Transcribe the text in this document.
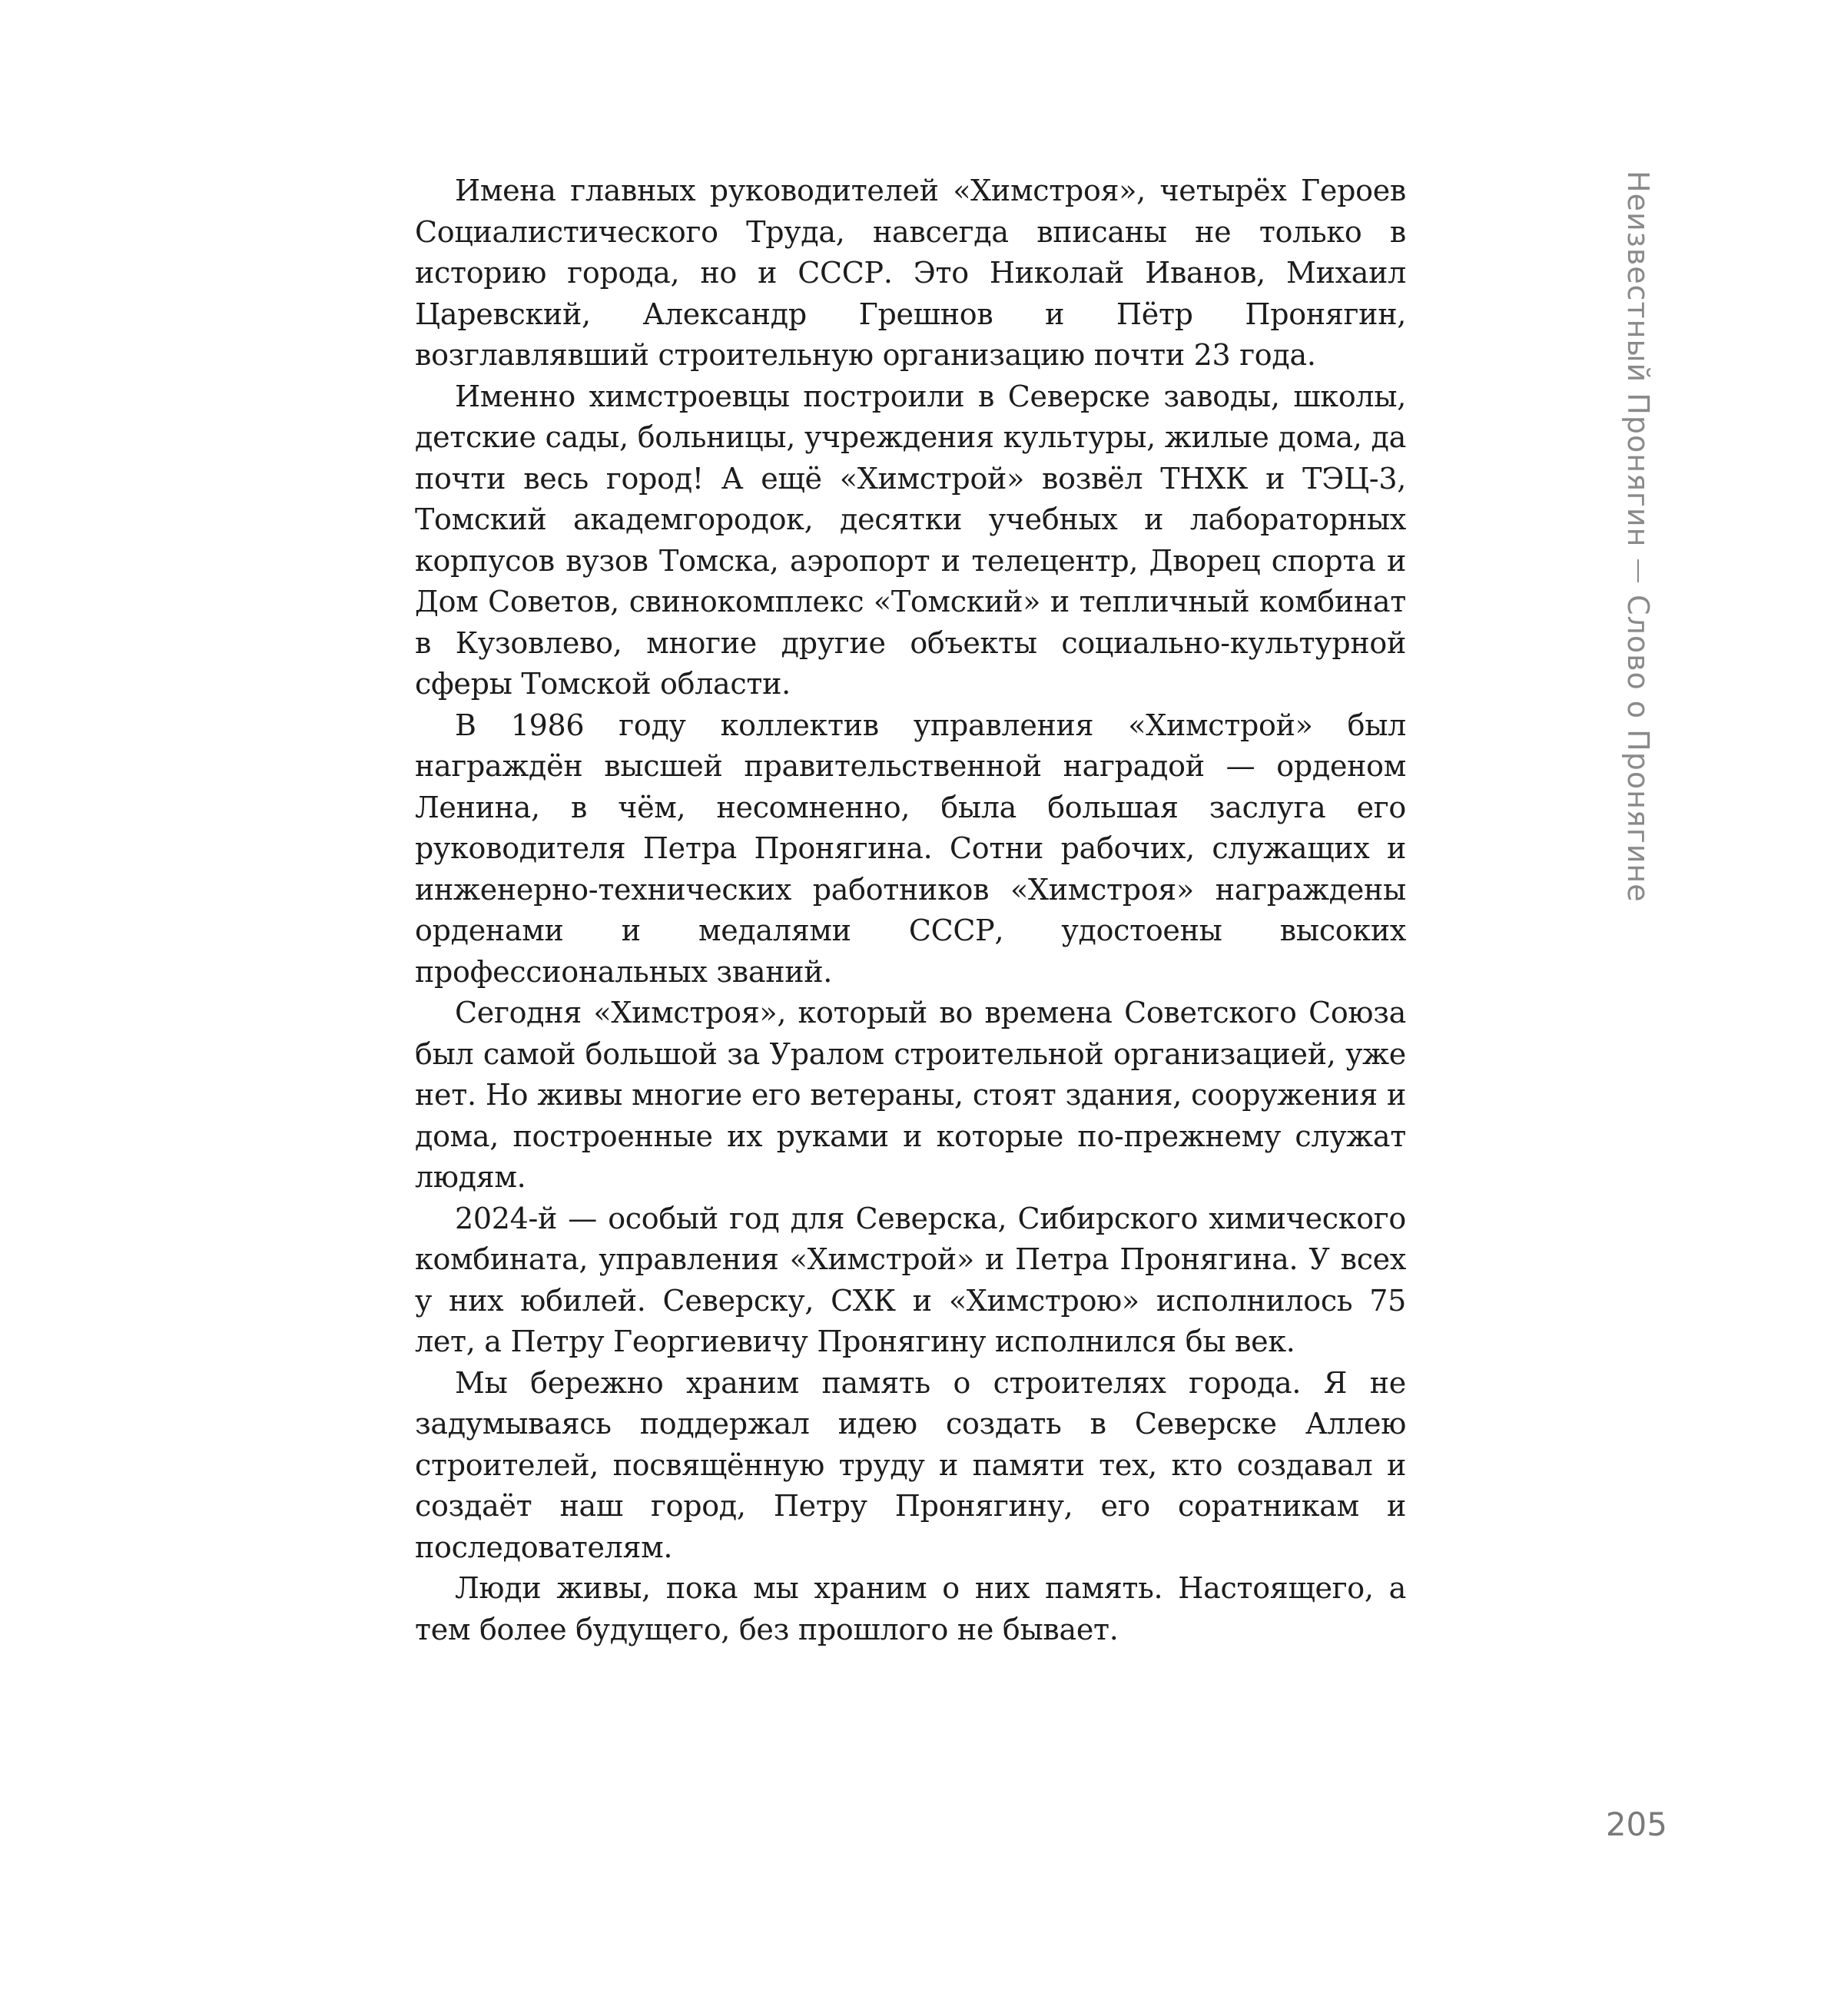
Имена главных руководителей «Химстроя», четырёх Героев Социалистического Труда, навсегда вписаны не только в историю города, но и СССР. Это Николай Иванов, Михаил Царевский, Александр Грешнов и Пётр Пронягин, возглавлявший строительную организацию почти 23 года.

Именно химстроевцы построили в Северске заводы, школы, детские сады, больницы, учреждения культуры, жилые дома, да почти весь город! А ещё «Химстрой» возвёл ТНХК и ТЭЦ-3, Томский академгородок, десятки учебных и лабораторных корпусов вузов Томска, аэропорт и телецентр, Дворец спорта и Дом Советов, свинокомплекс «Томский» и тепличный комбинат в Кузовлево, многие другие объекты социально-культурной сферы Томской области.

В 1986 году коллектив управления «Химстрой» был награждён высшей правительственной наградой — орденом Ленина, в чём, несомненно, была большая заслуга его руководителя Петра Пронягина. Сотни рабочих, служащих и инженерно-технических работников «Химстроя» награждены орденами и медалями СССР, удостоены высоких профессиональных званий.

Сегодня «Химстроя», который во времена Советского Союза был самой большой за Уралом строительной организацией, уже нет. Но живы многие его ветераны, стоят здания, сооружения и дома, построенные их руками и которые по-прежнему служат людям.

2024-й — особый год для Северска, Сибирского химического комбината, управления «Химстрой» и Петра Пронягина. У всех у них юбилей. Северску, СХК и «Химстрою» исполнилось 75 лет, а Петру Георгиевичу Пронягину исполнился бы век.

Мы бережно храним память о строителях города. Я не задумываясь поддержал идею создать в Северске Аллею строителей, посвящённую труду и памяти тех, кто создавал и создаёт наш город, Петру Пронягину, его соратникам и последователям.

Люди живы, пока мы храним о них память. Настоящего, а тем более будущего, без прошлого не бывает.

Неизвестный Пронягин
Слово о Пронягине
205
